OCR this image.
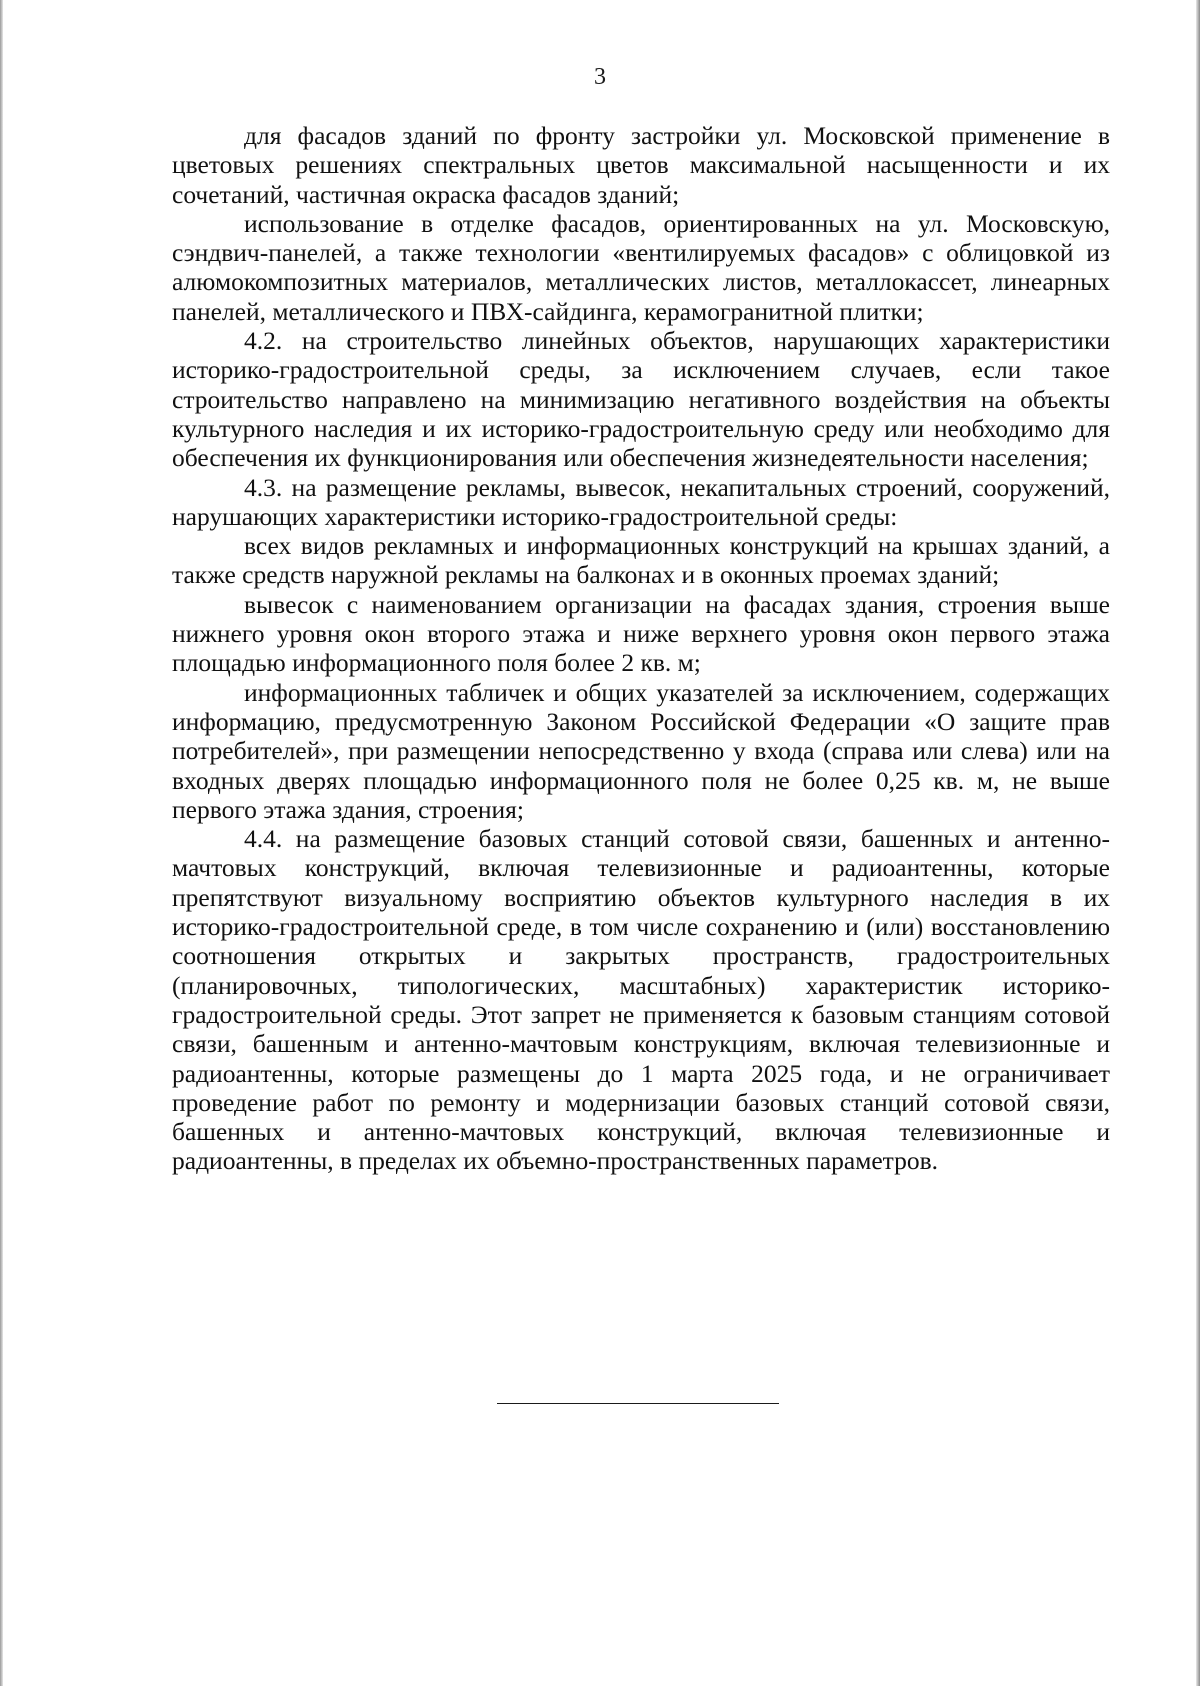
3

для фасадов зданий по фронту застройки ул. Московской применение в цветовых решениях спектральных цветов максимальной насыщенности и их сочетаний, частичная окраска фасадов зданий;

использование в отделке фасадов, ориентированных на ул. Московскую, сэндвич-панелей, а также технологии «вентилируемых фасадов» с облицовкой из алюмокомпозитных материалов, металлических листов, металлокассет, линеарных панелей, металлического и ПВХ-сайдинга, керамогранитной плитки;

4.2. на строительство линейных объектов, нарушающих характеристики историко-градостроительной среды, за исключением случаев, если такое строительство направлено на минимизацию негативного воздействия на объекты культурного наследия и их историко-градостроительную среду или необходимо для обеспечения их функционирования или обеспечения жизнедеятельности населения;

4.3. на размещение рекламы, вывесок, некапитальных строений, сооружений, нарушающих характеристики историко-градостроительной среды:

всех видов рекламных и информационных конструкций на крышах зданий, а также средств наружной рекламы на балконах и в оконных проемах зданий;

вывесок с наименованием организации на фасадах здания, строения выше нижнего уровня окон второго этажа и ниже верхнего уровня окон первого этажа площадью информационного поля более 2 кв. м;

информационных табличек и общих указателей за исключением, содержащих информацию, предусмотренную Законом Российской Федерации «О защите прав потребителей», при размещении непосредственно у входа (справа или слева) или на входных дверях площадью информационного поля не более 0,25 кв. м, не выше первого этажа здания, строения;

4.4. на размещение базовых станций сотовой связи, башенных и антенно-мачтовых конструкций, включая телевизионные и радиоантенны, которые препятствуют визуальному восприятию объектов культурного наследия в их историко-градостроительной среде, в том числе сохранению и (или) восстановлению соотношения открытых и закрытых пространств, градостроительных (планировочных, типологических, масштабных) характеристик историко-градостроительной среды. Этот запрет не применяется к базовым станциям сотовой связи, башенным и антенно-мачтовым конструкциям, включая телевизионные и радиоантенны, которые размещены до 1 марта 2025 года, и не ограничивает проведение работ по ремонту и модернизации базовых станций сотовой связи, башенных и антенно-мачтовых конструкций, включая телевизионные и радиоантенны, в пределах их объемно-пространственных параметров.
